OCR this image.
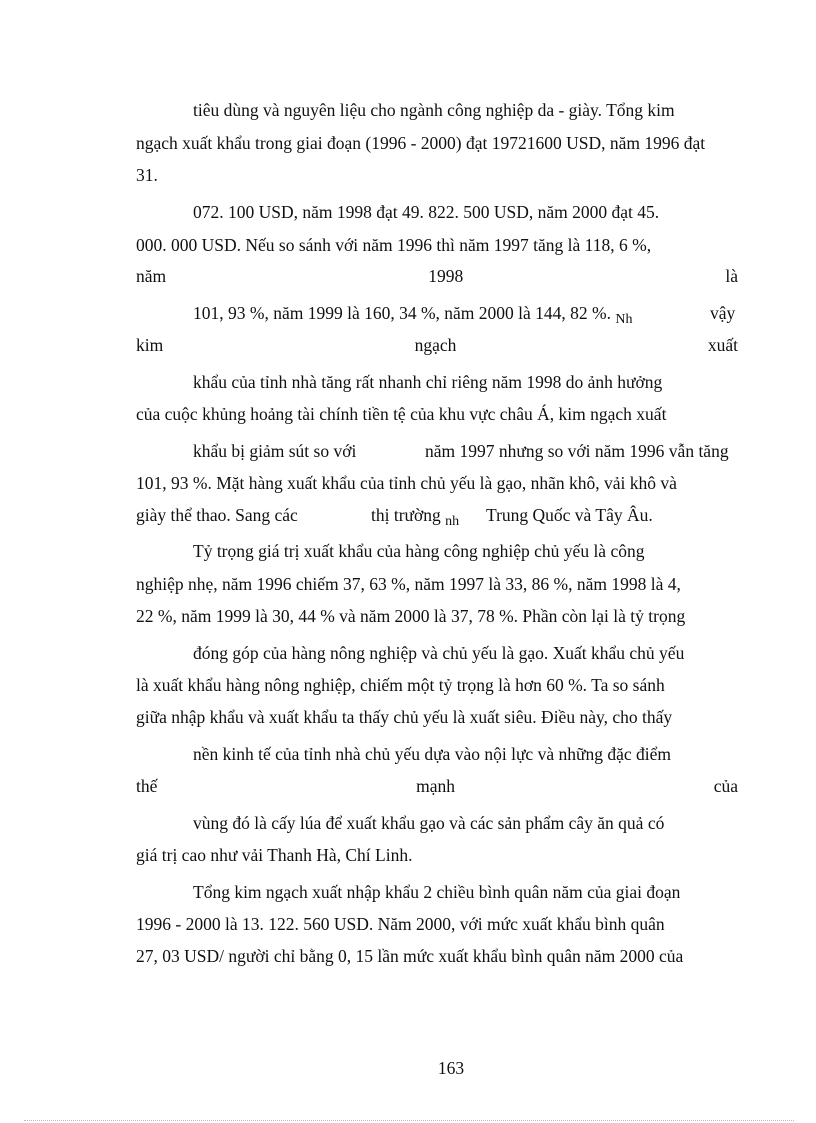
tiêu dùng và nguyên liệu cho ngành công nghiệp da - giày. Tổng kim
ngạch xuất khẩu trong giai đoạn (1996 - 2000) đạt 19721600 USD, năm 1996 đạt
31.
072. 100 USD, năm 1998 đạt 49. 822. 500 USD, năm 2000 đạt 45.
000. 000 USD. Nếu so sánh với năm 1996 thì năm 1997 tăng là 118, 6 %,
năm	1998	là
101, 93 %, năm 1999 là 160, 34 %, năm 2000 là 144, 82 %. $_{Nh}$	vậy
kim	ngạch	xuất
khẩu của tỉnh nhà tăng rất nhanh chỉ riêng năm 1998 do ảnh hưởng
của cuộc khủng hoảng tài chính tiền tệ của khu vực châu Á, kim ngạch xuất
khẩu bị giảm sút so với	năm 1997 nhưng so với năm 1996 vẫn tăng
101, 93 %. Mặt hàng xuất khẩu của tỉnh chủ yếu là gạo, nhãn khô, vải khô và
giày thể thao. Sang các	thị trường $_{nh}$ Trung Quốc và Tây Âu.
Tỷ trọng giá trị xuất khẩu của hàng công nghiệp chủ yếu là công
nghiệp nhẹ, năm 1996 chiếm 37, 63 %, năm 1997 là 33, 86 %, năm 1998 là 4,
22 %, năm 1999 là 30, 44 % và năm 2000 là 37, 78 %. Phần còn lại là tỷ trọng
đóng góp của hàng nông nghiệp và chủ yếu là gạo. Xuất khẩu chủ yếu
là xuất khẩu hàng nông nghiệp, chiếm một tỷ trọng là hơn 60 %. Ta so sánh
giữa nhập khẩu và xuất khẩu ta thấy chủ yếu là xuất siêu. Điều này, cho thấy
nền kinh tế của tỉnh nhà chủ yếu dựa vào nội lực và những đặc điểm
thế	mạnh	của
vùng đó là cấy lúa để xuất khẩu gạo và các sản phẩm cây ăn quả có
giá trị cao như vải Thanh Hà, Chí Linh.
Tổng kim ngạch xuất nhập khẩu 2 chiều bình quân năm của giai đoạn
1996 - 2000 là 13. 122. 560 USD. Năm 2000, với mức xuất khẩu bình quân
27, 03 USD/ người chỉ bằng 0, 15 lần mức xuất khẩu bình quân năm 2000 của
163
